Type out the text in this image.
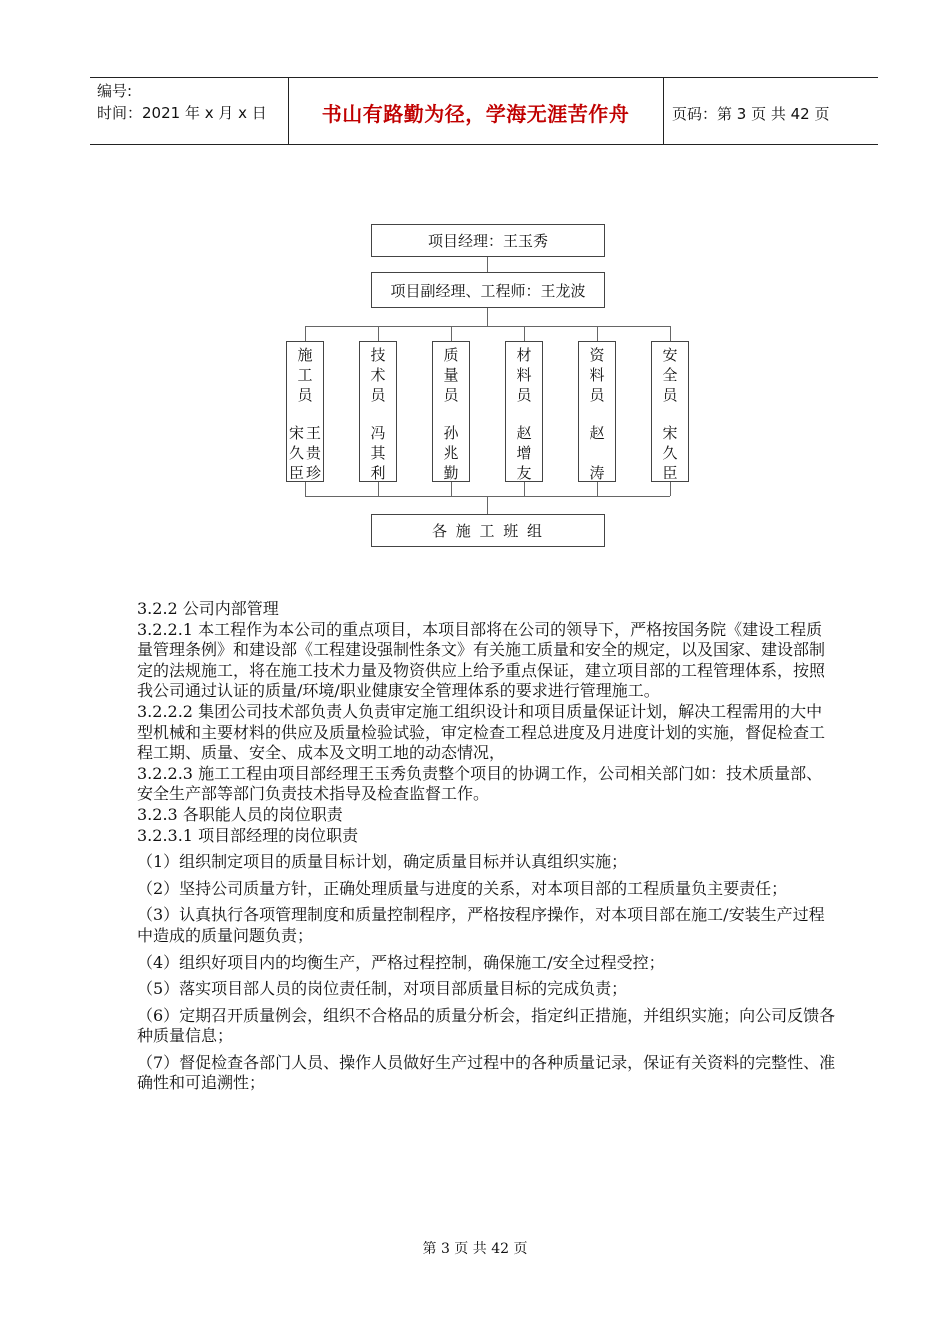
编号:
时间：2021 年 x 月 x 日	书山有路勤为径，学海无涯苦作舟	页码：第 3 页 共 42 页
项目经理：王玉秀
项目副经理、工程师：王龙波
施
工
员
宋
久
臣
王
贵
珍
技
术
员
冯
其
利
质
量
员
孙
兆
勤
材
料
员
赵
增
友
资
料
员
赵
涛
安
全
员
宋
久
臣
各 施 工 班 组

3.2.2 公司内部管理

3.2.2.1 本工程作为本公司的重点项目，本项目部将在公司的领导下，严格按国务院《建设工程质量管理条例》和建设部《工程建设强制性条文》有关施工质量和安全的规定，以及国家、建设部制定的法规施工，将在施工技术力量及物资供应上给予重点保证，建立项目部的工程管理体系，按照我公司通过认证的质量/环境/职业健康安全管理体系的要求进行管理施工。

3.2.2.2 集团公司技术部负责人负责审定施工组织设计和项目质量保证计划，解决工程需用的大中型机械和主要材料的供应及质量检验试验，审定检查工程总进度及月进度计划的实施，督促检查工程工期、质量、安全、成本及文明工地的动态情况，

3.2.2.3 施工工程由项目部经理王玉秀负责整个项目的协调工作，公司相关部门如：技术质量部、安全生产部等部门负责技术指导及检查监督工作。

3.2.3 各职能人员的岗位职责

3.2.3.1 项目部经理的岗位职责

（1）组织制定项目的质量目标计划，确定质量目标并认真组织实施；

（2）坚持公司质量方针，正确处理质量与进度的关系，对本项目部的工程质量负主要责任；

（3）认真执行各项管理制度和质量控制程序，严格按程序操作，对本项目部在施工/安装生产过程中造成的质量问题负责；

（4）组织好项目内的均衡生产，严格过程控制，确保施工/安全过程受控；

（5）落实项目部人员的岗位责任制，对项目部质量目标的完成负责；

（6）定期召开质量例会，组织不合格品的质量分析会，指定纠正措施，并组织实施；向公司反馈各种质量信息；

（7）督促检查各部门人员、操作人员做好生产过程中的各种质量记录，保证有关资料的完整性、准确性和可追溯性；

第 3 页 共 42 页
